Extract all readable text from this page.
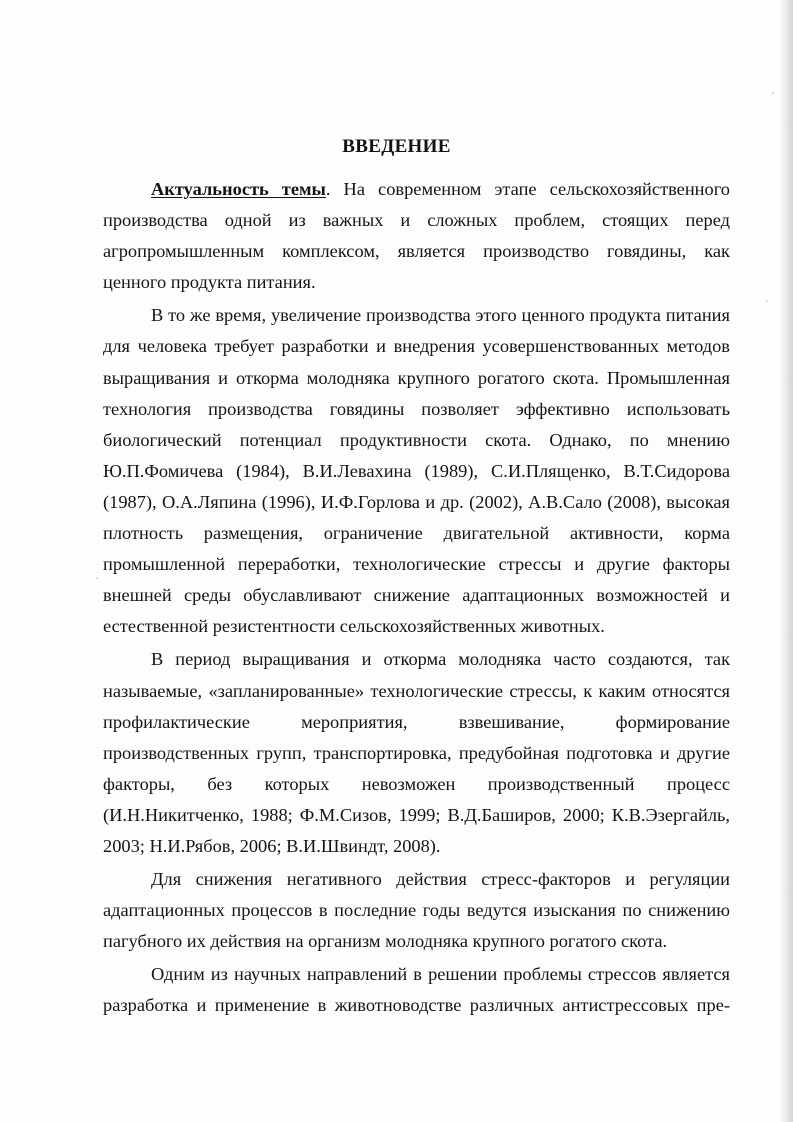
ВВЕДЕНИЕ

Актуальность темы. На современном этапе сельскохозяйственного производства одной из важных и сложных проблем, стоящих перед агропромышленным комплексом, является производство говядины, как ценного продукта питания.

В то же время, увеличение производства этого ценного продукта питания для человека требует разработки и внедрения усовершенствованных методов выращивания и откорма молодняка крупного рогатого скота. Промышленная технология производства говядины позволяет эффективно использовать биологический потенциал продуктивности скота. Однако, по мнению Ю.П.Фомичева (1984), В.И.Левахина (1989), С.И.Плященко, В.Т.Сидорова (1987), О.А.Ляпина (1996), И.Ф.Горлова и др. (2002), А.В.Сало (2008), высокая плотность размещения, ограничение двигательной активности, корма промышленной переработки, технологические стрессы и другие факторы внешней среды обуславливают снижение адаптационных возможностей и естественной резистентности сельскохозяйственных животных.

В период выращивания и откорма молодняка часто создаются, так называемые, «запланированные» технологические стрессы, к каким относятся профилактические мероприятия, взвешивание, формирование производственных групп, транспортировка, предубойная подготовка и другие факторы, без которых невозможен производственный процесс (И.Н.Никитченко, 1988; Ф.М.Сизов, 1999; В.Д.Баширов, 2000; К.В.Эзергайль, 2003; Н.И.Рябов, 2006; В.И.Швиндт, 2008).

Для снижения негативного действия стресс-факторов и регуляции адаптационных процессов в последние годы ведутся изыскания по снижению пагубного их действия на организм молодняка крупного рогатого скота.

Одним из научных направлений в решении проблемы стрессов является разработка и применение в животноводстве различных антистрессовых пре-
